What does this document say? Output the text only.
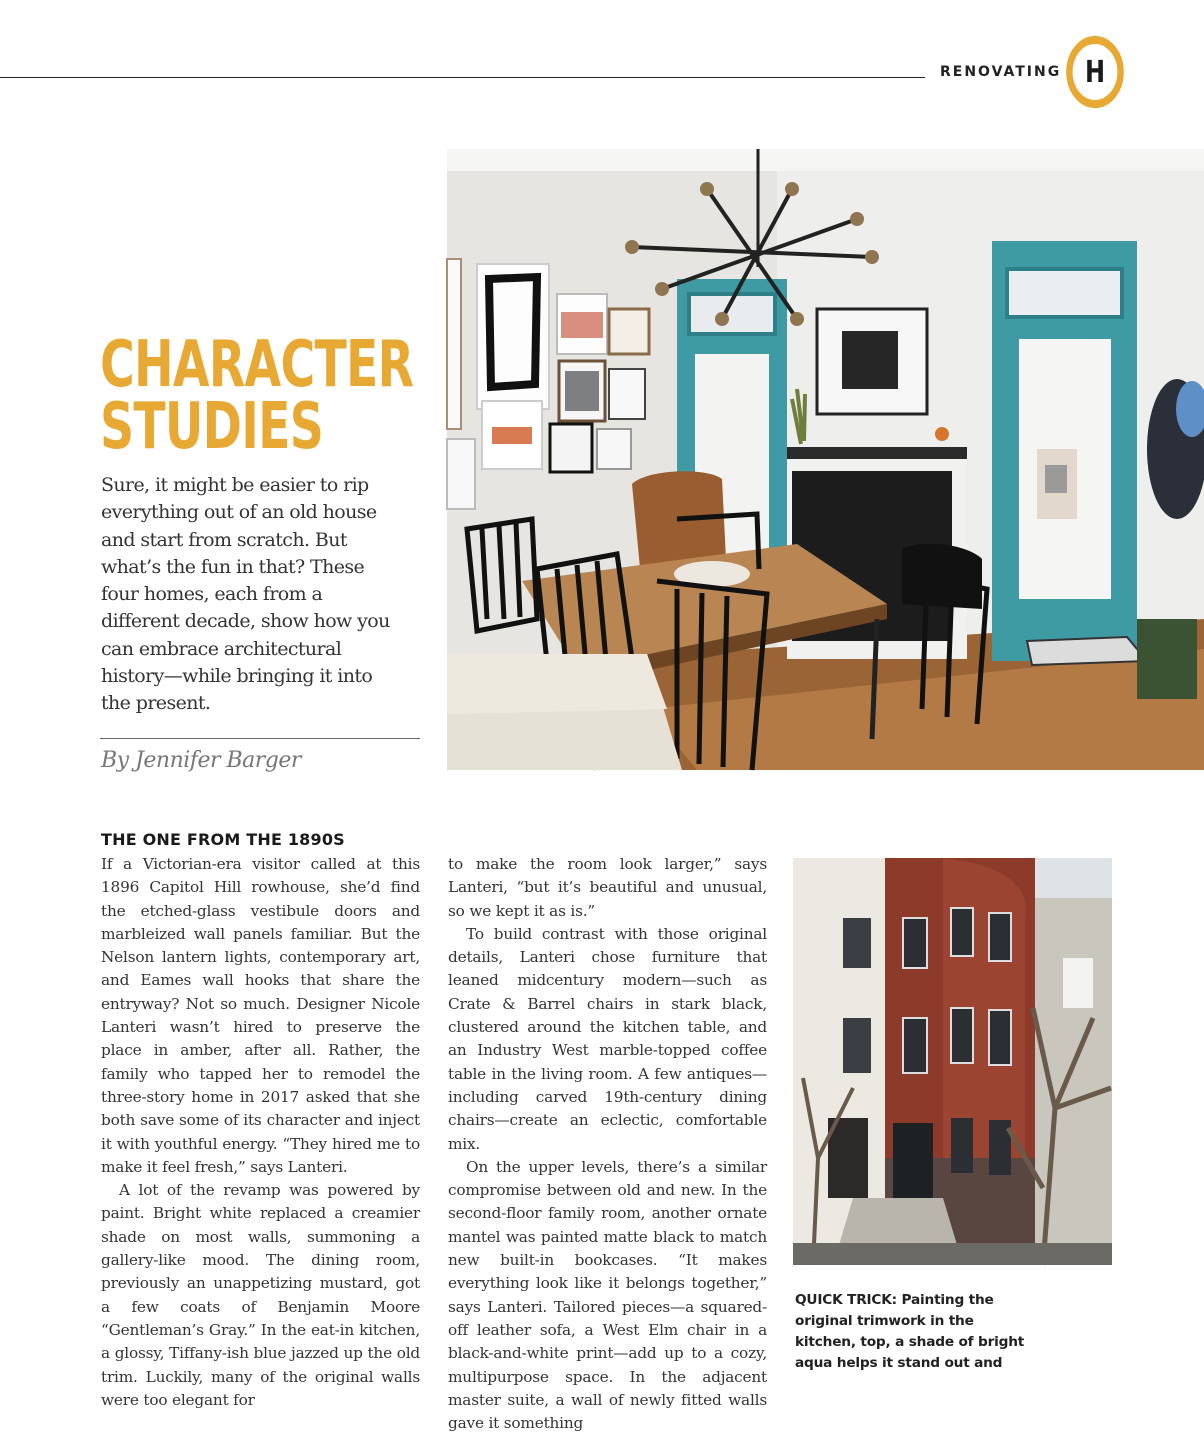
RENOVATING H
CHARACTER
STUDIES
Sure, it might be easier to rip everything out of an old house and start from scratch. But what’s the fun in that? These four homes, each from a different decade, show how you can embrace architectural history—while bringing it into the present.
By Jennifer Barger
THE ONE FROM THE 1890S

If a Victorian-era visitor called at this 1896 Capitol Hill rowhouse, she’d find the etched-glass vestibule doors and marbleized wall panels familiar. But the Nelson lantern lights, contemporary art, and Eames wall hooks that share the entryway? Not so much. Designer Nicole Lanteri wasn’t hired to preserve the place in amber, after all. Rather, the family who tapped her to remodel the three-story home in 2017 asked that she both save some of its character and inject it with youthful energy. “They hired me to make it feel fresh,” says Lanteri.

A lot of the revamp was powered by paint. Bright white replaced a creamier shade on most walls, summoning a gallery-like mood. The dining room, previously an unappetizing mustard, got a few coats of Benjamin Moore “Gentleman’s Gray.” In the eat-in kitchen, a glossy, Tiffany-ish blue jazzed up the old trim. Luckily, many of the original walls were too elegant for

to make the room look larger,” says Lanteri, “but it’s beautiful and unusual, so we kept it as is.”

To build contrast with those original details, Lanteri chose furniture that leaned midcentury modern—such as Crate & Barrel chairs in stark black, clustered around the kitchen table, and an Industry West marble-topped coffee table in the living room. A few antiques—including carved 19th-century dining chairs—create an eclectic, comfortable mix.

On the upper levels, there’s a similar compromise between old and new. In the second-floor family room, another ornate mantel was painted matte black to match new built-in bookcases. “It makes everything look like it belongs together,” says Lanteri. Tailored pieces—a squared-off leather sofa, a West Elm chair in a black-and-white print—add up to a cozy, multipurpose space. In the adjacent master suite, a wall of newly fitted walls gave it something

QUICK TRICK: Painting the original trimwork in the kitchen, top, a shade of bright aqua helps it stand out and
